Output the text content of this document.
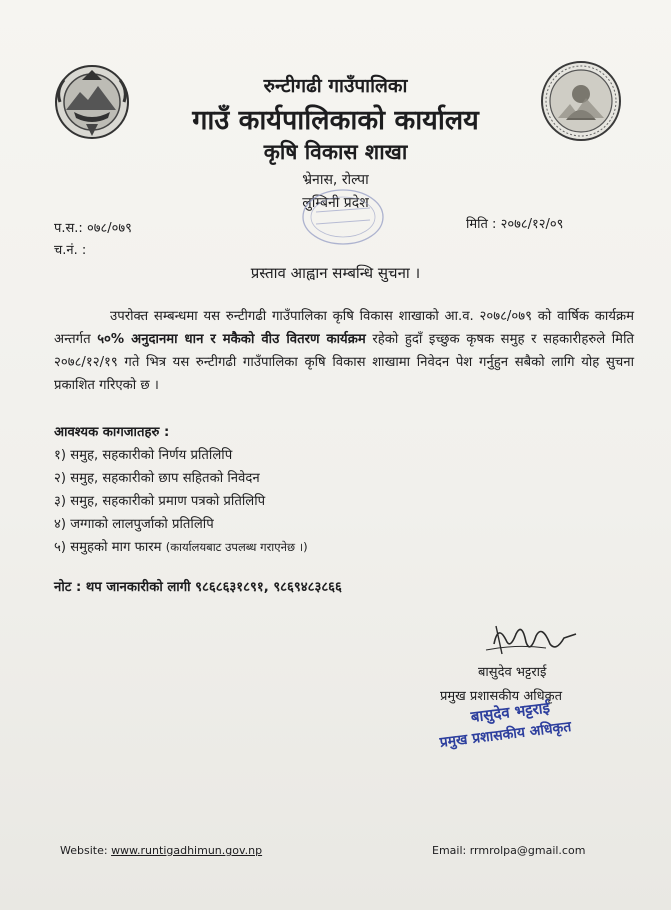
रुन्टीगढी गाउँपालिका
गाउँ कार्यपालिकाको कार्यालय
कृषि विकास शाखा
भ्रेनास, रोल्पा
लुम्बिनी प्रदेश
प.स.: ०७८/०७९
च.नं. :
मिति : २०७८/१२/०९
प्रस्ताव आह्वान सम्बन्धि सुचना ।
उपरोक्त सम्बन्धमा यस रुन्टीगढी गाउँपालिका कृषि विकास शाखाको आ.व. २०७८/०७९ को वार्षिक कार्यक्रम अन्तर्गत ५०% अनुदानमा धान र मकैको वीउ वितरण कार्यक्रम रहेको हुदाँ इच्छुक कृषक समुह र सहकारीहरुले मिति २०७८/१२/१९ गते भित्र यस रुन्टीगढी गाउँपालिका कृषि विकास शाखामा निवेदन पेश गर्नुहुन सबैको लागि योह सुचना प्रकाशित गरिएको छ ।
आवश्यक कागजातहरु :
१) समुह, सहकारीको निर्णय प्रतिलिपि
२) समुह, सहकारीको छाप सहितको निवेदन
३) समुह, सहकारीको प्रमाण पत्रको प्रतिलिपि
४) जग्गाको लालपुर्जाको प्रतिलिपि
५) समुहको माग फारम (कार्यालयबाट उपलब्ध गराएनेछ ।)
नोट : थप जानकारीको लागी ९८६८६३१८९१, ९८६९४८३८६६
बासुदेव भट्टराई
प्रमुख प्रशासकीय अधिकृत
बासुदेव भट्टराई
प्रमुख प्रशासकीय अधिकृत
Website: www.runtigadhimun.gov.np	Email: rrmrolpa@gmail.com
